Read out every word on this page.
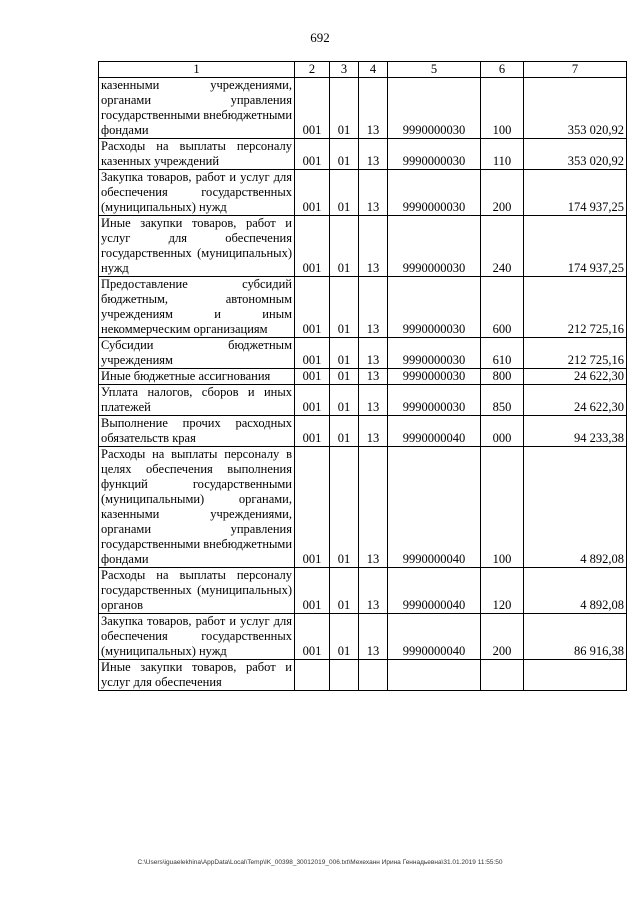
692
1	2	3	4	5	6	7
казенными учреждениями, органами управления государственными внебюджетными фондами	001	01	13	9990000030	100	353 020,92
Расходы на выплаты персоналу казенных учреждений	001	01	13	9990000030	110	353 020,92
Закупка товаров, работ и услуг для обеспечения государственных (муниципальных) нужд	001	01	13	9990000030	200	174 937,25
Иные закупки товаров, работ и услуг для обеспечения государственных (муниципальных) нужд	001	01	13	9990000030	240	174 937,25
Предоставление субсидий бюджетным, автономным учреждениям и иным некоммерческим организациям	001	01	13	9990000030	600	212 725,16
Субсидии бюджетным учреждениям	001	01	13	9990000030	610	212 725,16
Иные бюджетные ассигнования	001	01	13	9990000030	800	24 622,30
Уплата налогов, сборов и иных платежей	001	01	13	9990000030	850	24 622,30
Выполнение прочих расходных обязательств края	001	01	13	9990000040	000	94 233,38
Расходы на выплаты персоналу в целях обеспечения выполнения функций государственными (муниципальными) органами, казенными учреждениями, органами управления государственными внебюджетными фондами	001	01	13	9990000040	100	4 892,08
Расходы на выплаты персоналу государственных (муниципальных) органов	001	01	13	9990000040	120	4 892,08
Закупка товаров, работ и услуг для обеспечения государственных (муниципальных) нужд	001	01	13	9990000040	200	86 916,38
Иные закупки товаров, работ и услуг для обеспечения						
C:\Users\iguaelekhina\AppData\Local\Temp\IK_00398_30012019_006.txt\Мехеханн Ирина Геннадьевна\31.01.2019 11:55:50
